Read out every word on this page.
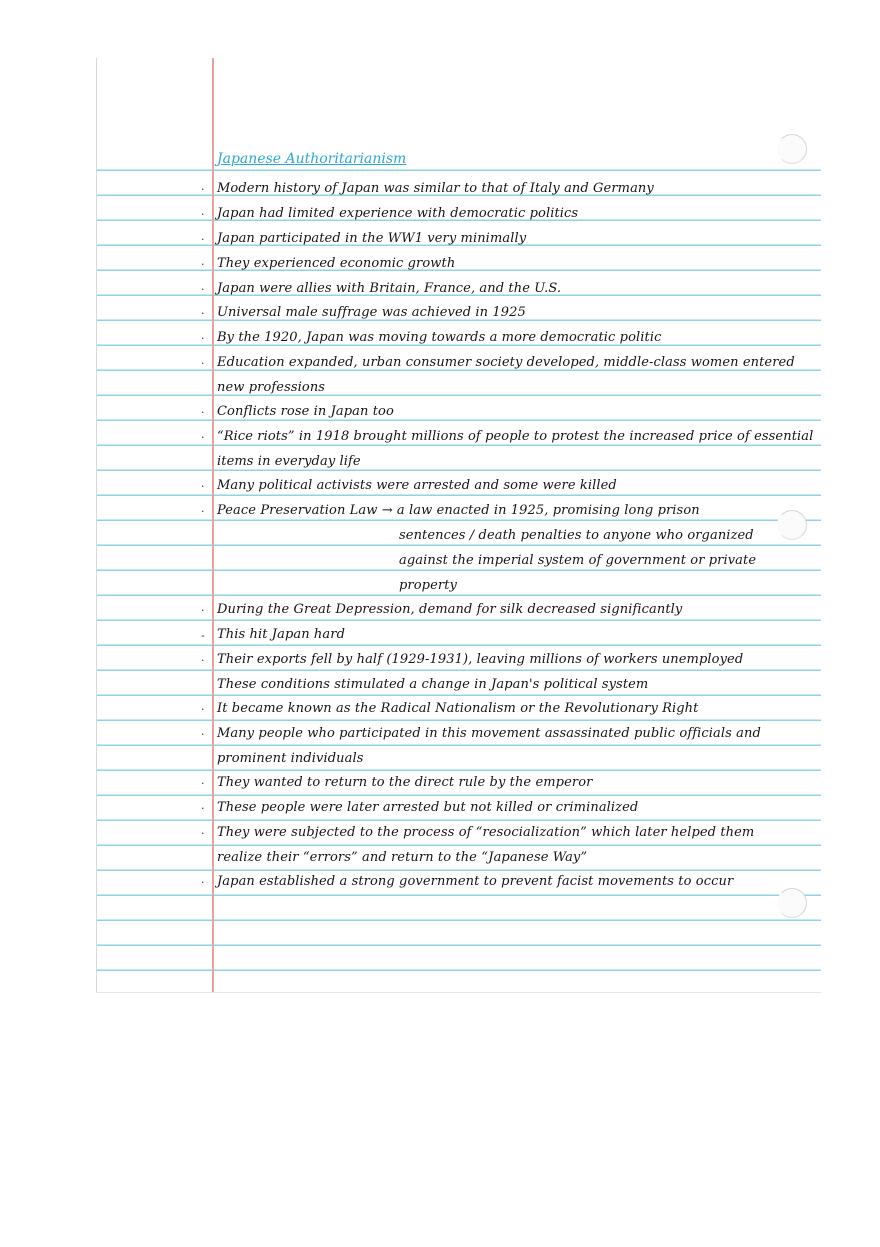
Japanese Authoritarianism
· Modern history of Japan was similar to that of Italy and Germany
· Japan had limited experience with democratic politics
· Japan participated in the WW1 very minimally
· They experienced economic growth
· Japan were allies with Britain, France, and the U.S.
· Universal male suffrage was achieved in 1925
· By the 1920, Japan was moving towards a more democratic politic
· Education expanded, urban consumer society developed, middle-class women entered
new professions
· Conflicts rose in Japan too
· “Rice riots” in 1918 brought millions of people to protest the increased price of essential
items in everyday life
· Many political activists were arrested and some were killed
· Peace Preservation Law → a law enacted in 1925, promising long prison
sentences / death penalties to anyone who organized
against the imperial system of government or private
property
· During the Great Depression, demand for silk decreased significantly
- This hit Japan hard
· Their exports fell by half (1929-1931), leaving millions of workers unemployed
These conditions stimulated a change in Japan's political system
· It became known as the Radical Nationalism or the Revolutionary Right
· Many people who participated in this movement assassinated public officials and
prominent individuals
· They wanted to return to the direct rule by the emperor
· These people were later arrested but not killed or criminalized
· They were subjected to the process of “resocialization” which later helped them
realize their “errors” and return to the “Japanese Way”
· Japan established a strong government to prevent facist movements to occur
